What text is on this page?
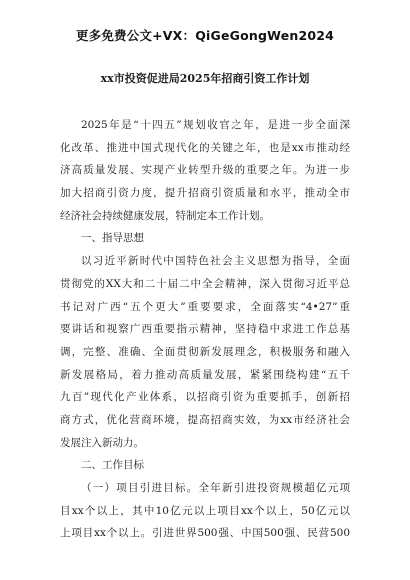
更多免费公文+VX：QiGeGongWen2024
xx市投资促进局2025年招商引资工作计划
2025年是“十四五”规划收官之年，是进一步全面深
化改革、推进中国式现代化的关键之年，也是xx市推动经
济高质量发展、实现产业转型升级的重要之年。为进一步
加大招商引资力度，提升招商引资质量和水平，推动全市
经济社会持续健康发展，特制定本工作计划。
一、指导思想
以习近平新时代中国特色社会主义思想为指导，全面
贯彻党的XX大和二十届二中全会精神，深入贯彻习近平总
书记对广西“五个更大”重要要求，全面落实“4•27”重
要讲话和视察广西重要指示精神，坚持稳中求进工作总基
调，完整、准确、全面贯彻新发展理念，积极服务和融入
新发展格局，着力推动高质量发展，紧紧围绕构建“五千
九百”现代化产业体系，以招商引资为重要抓手，创新招
商方式，优化营商环境，提高招商实效，为xx市经济社会
发展注入新动力。
二、工作目标
（一）项目引进目标。全年新引进投资规模超亿元项
目xx个以上，其中10亿元以上项目xx个以上，50亿元以
上项目xx个以上。引进世界500强、中国500强、民营500
